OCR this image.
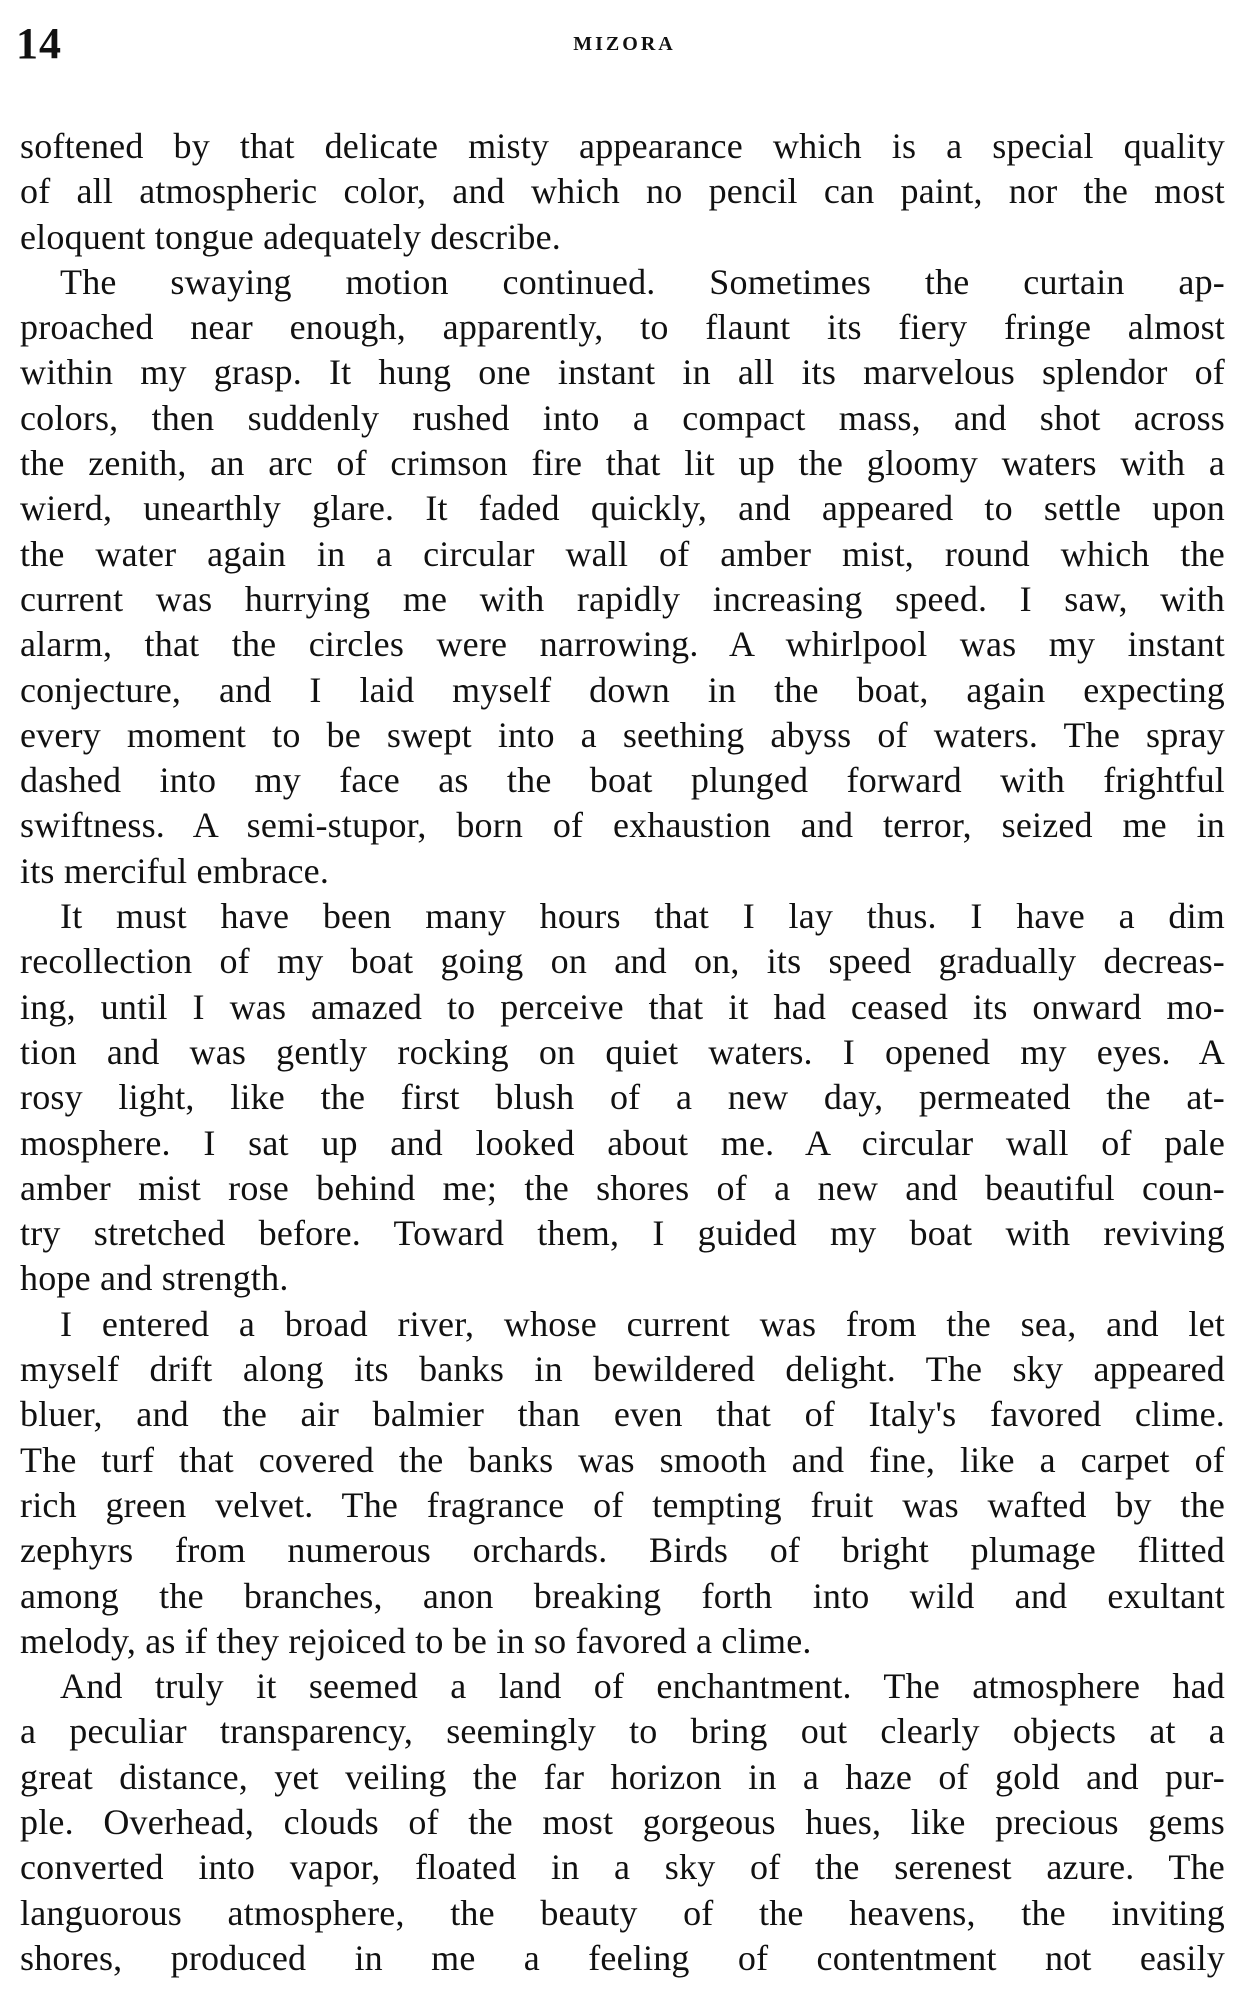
14	MIZORA
softened by that delicate misty appearance which is a special quality
of all atmospheric color, and which no pencil can paint, nor the most
eloquent tongue adequately describe.
The swaying motion continued. Sometimes the curtain ap-
proached near enough, apparently, to flaunt its fiery fringe almost
within my grasp. It hung one instant in all its marvelous splendor of
colors, then suddenly rushed into a compact mass, and shot across
the zenith, an arc of crimson fire that lit up the gloomy waters with a
wierd, unearthly glare. It faded quickly, and appeared to settle upon
the water again in a circular wall of amber mist, round which the
current was hurrying me with rapidly increasing speed. I saw, with
alarm, that the circles were narrowing. A whirlpool was my instant
conjecture, and I laid myself down in the boat, again expecting
every moment to be swept into a seething abyss of waters. The spray
dashed into my face as the boat plunged forward with frightful
swiftness. A semi-stupor, born of exhaustion and terror, seized me in
its merciful embrace.
It must have been many hours that I lay thus. I have a dim
recollection of my boat going on and on, its speed gradually decreas-
ing, until I was amazed to perceive that it had ceased its onward mo-
tion and was gently rocking on quiet waters. I opened my eyes. A
rosy light, like the first blush of a new day, permeated the at-
mosphere. I sat up and looked about me. A circular wall of pale
amber mist rose behind me; the shores of a new and beautiful coun-
try stretched before. Toward them, I guided my boat with reviving
hope and strength.
I entered a broad river, whose current was from the sea, and let
myself drift along its banks in bewildered delight. The sky appeared
bluer, and the air balmier than even that of Italy's favored clime.
The turf that covered the banks was smooth and fine, like a carpet of
rich green velvet. The fragrance of tempting fruit was wafted by the
zephyrs from numerous orchards. Birds of bright plumage flitted
among the branches, anon breaking forth into wild and exultant
melody, as if they rejoiced to be in so favored a clime.
And truly it seemed a land of enchantment. The atmosphere had
a peculiar transparency, seemingly to bring out clearly objects at a
great distance, yet veiling the far horizon in a haze of gold and pur-
ple. Overhead, clouds of the most gorgeous hues, like precious gems
converted into vapor, floated in a sky of the serenest azure. The
languorous atmosphere, the beauty of the heavens, the inviting
shores, produced in me a feeling of contentment not easily
